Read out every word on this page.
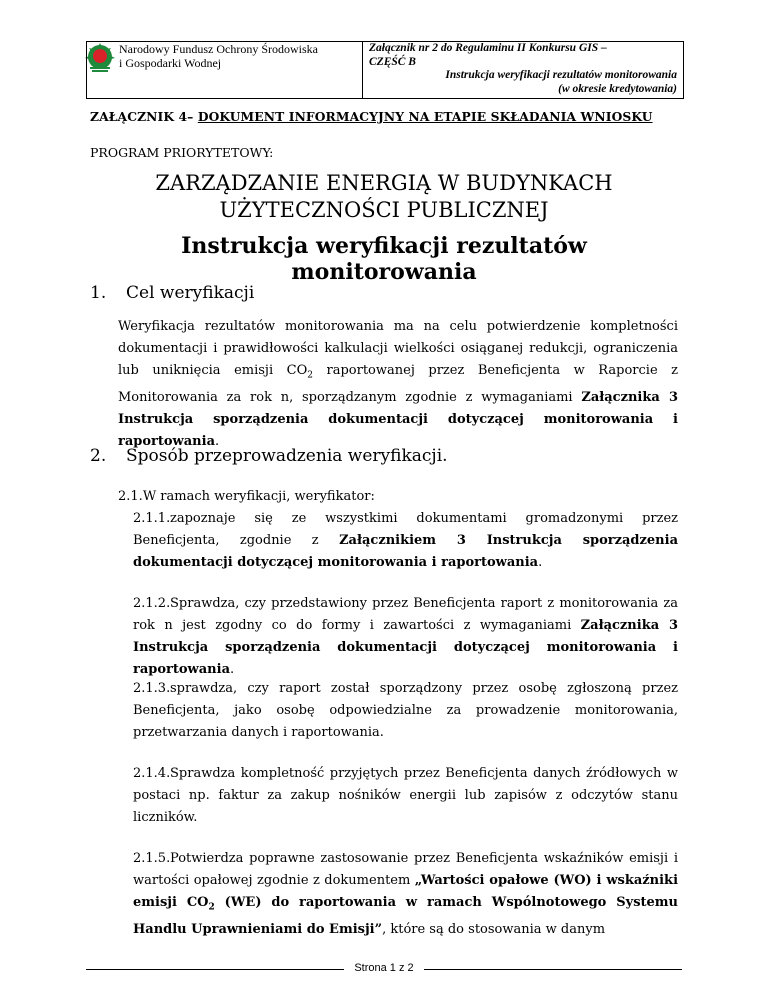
Narodowy Fundusz Ochrony Środowiska
i Gospodarki Wodnej
Załącznik nr 2 do Regulaminu II Konkursu GIS –
CZĘŚĆ B
Instrukcja weryfikacji rezultatów monitorowania
(w okresie kredytowania)
ZAŁĄCZNIK 4– DOKUMENT INFORMACYJNY NA ETAPIE SKŁADANIA WNIOSKU
PROGRAM PRIORYTETOWY:
ZARZĄDZANIE ENERGIĄ W BUDYNKACH
UŻYTECZNOŚCI PUBLICZNEJ
Instrukcja weryfikacji rezultatów monitorowania
1. Cel weryfikacji
Weryfikacja rezultatów monitorowania ma na celu potwierdzenie kompletności dokumentacji i prawidłowości kalkulacji wielkości osiąganej redukcji, ograniczenia lub uniknięcia emisji $CO_2$ raportowanej przez Beneficjenta w Raporcie z Monitorowania za rok n, sporządzanym zgodnie z wymaganiami Załącznika 3 Instrukcja sporządzenia dokumentacji dotyczącej monitorowania i raportowania.
2. Sposób przeprowadzenia weryfikacji.
2.1.W ramach weryfikacji, weryfikator:
2.1.1. zapoznaje się ze wszystkimi dokumentami gromadzonymi przez Beneficjenta, zgodnie z Załącznikiem 3 Instrukcja sporządzenia dokumentacji dotyczącej monitorowania i raportowania.
2.1.2. Sprawdza, czy przedstawiony przez Beneficjenta raport z monitorowania za rok n jest zgodny co do formy i zawartości z wymaganiami Załącznika 3 Instrukcja sporządzenia dokumentacji dotyczącej monitorowania i raportowania.
2.1.3. sprawdza, czy raport został sporządzony przez osobę zgłoszoną przez Beneficjenta, jako osobę odpowiedzialne za prowadzenie monitorowania, przetwarzania danych i raportowania.
2.1.4. Sprawdza kompletność przyjętych przez Beneficjenta danych źródłowych w postaci np. faktur za zakup nośników energii lub zapisów z odczytów stanu liczników.
2.1.5. Potwierdza poprawne zastosowanie przez Beneficjenta wskaźników emisji i wartości opałowej zgodnie z dokumentem „Wartości opałowe (WO) i wskaźniki emisji $CO_2$ (WE) do raportowania w ramach Wspólnotowego Systemu Handlu Uprawnieniami do Emisji”, które są do stosowania w danym
Strona 1 z 2
